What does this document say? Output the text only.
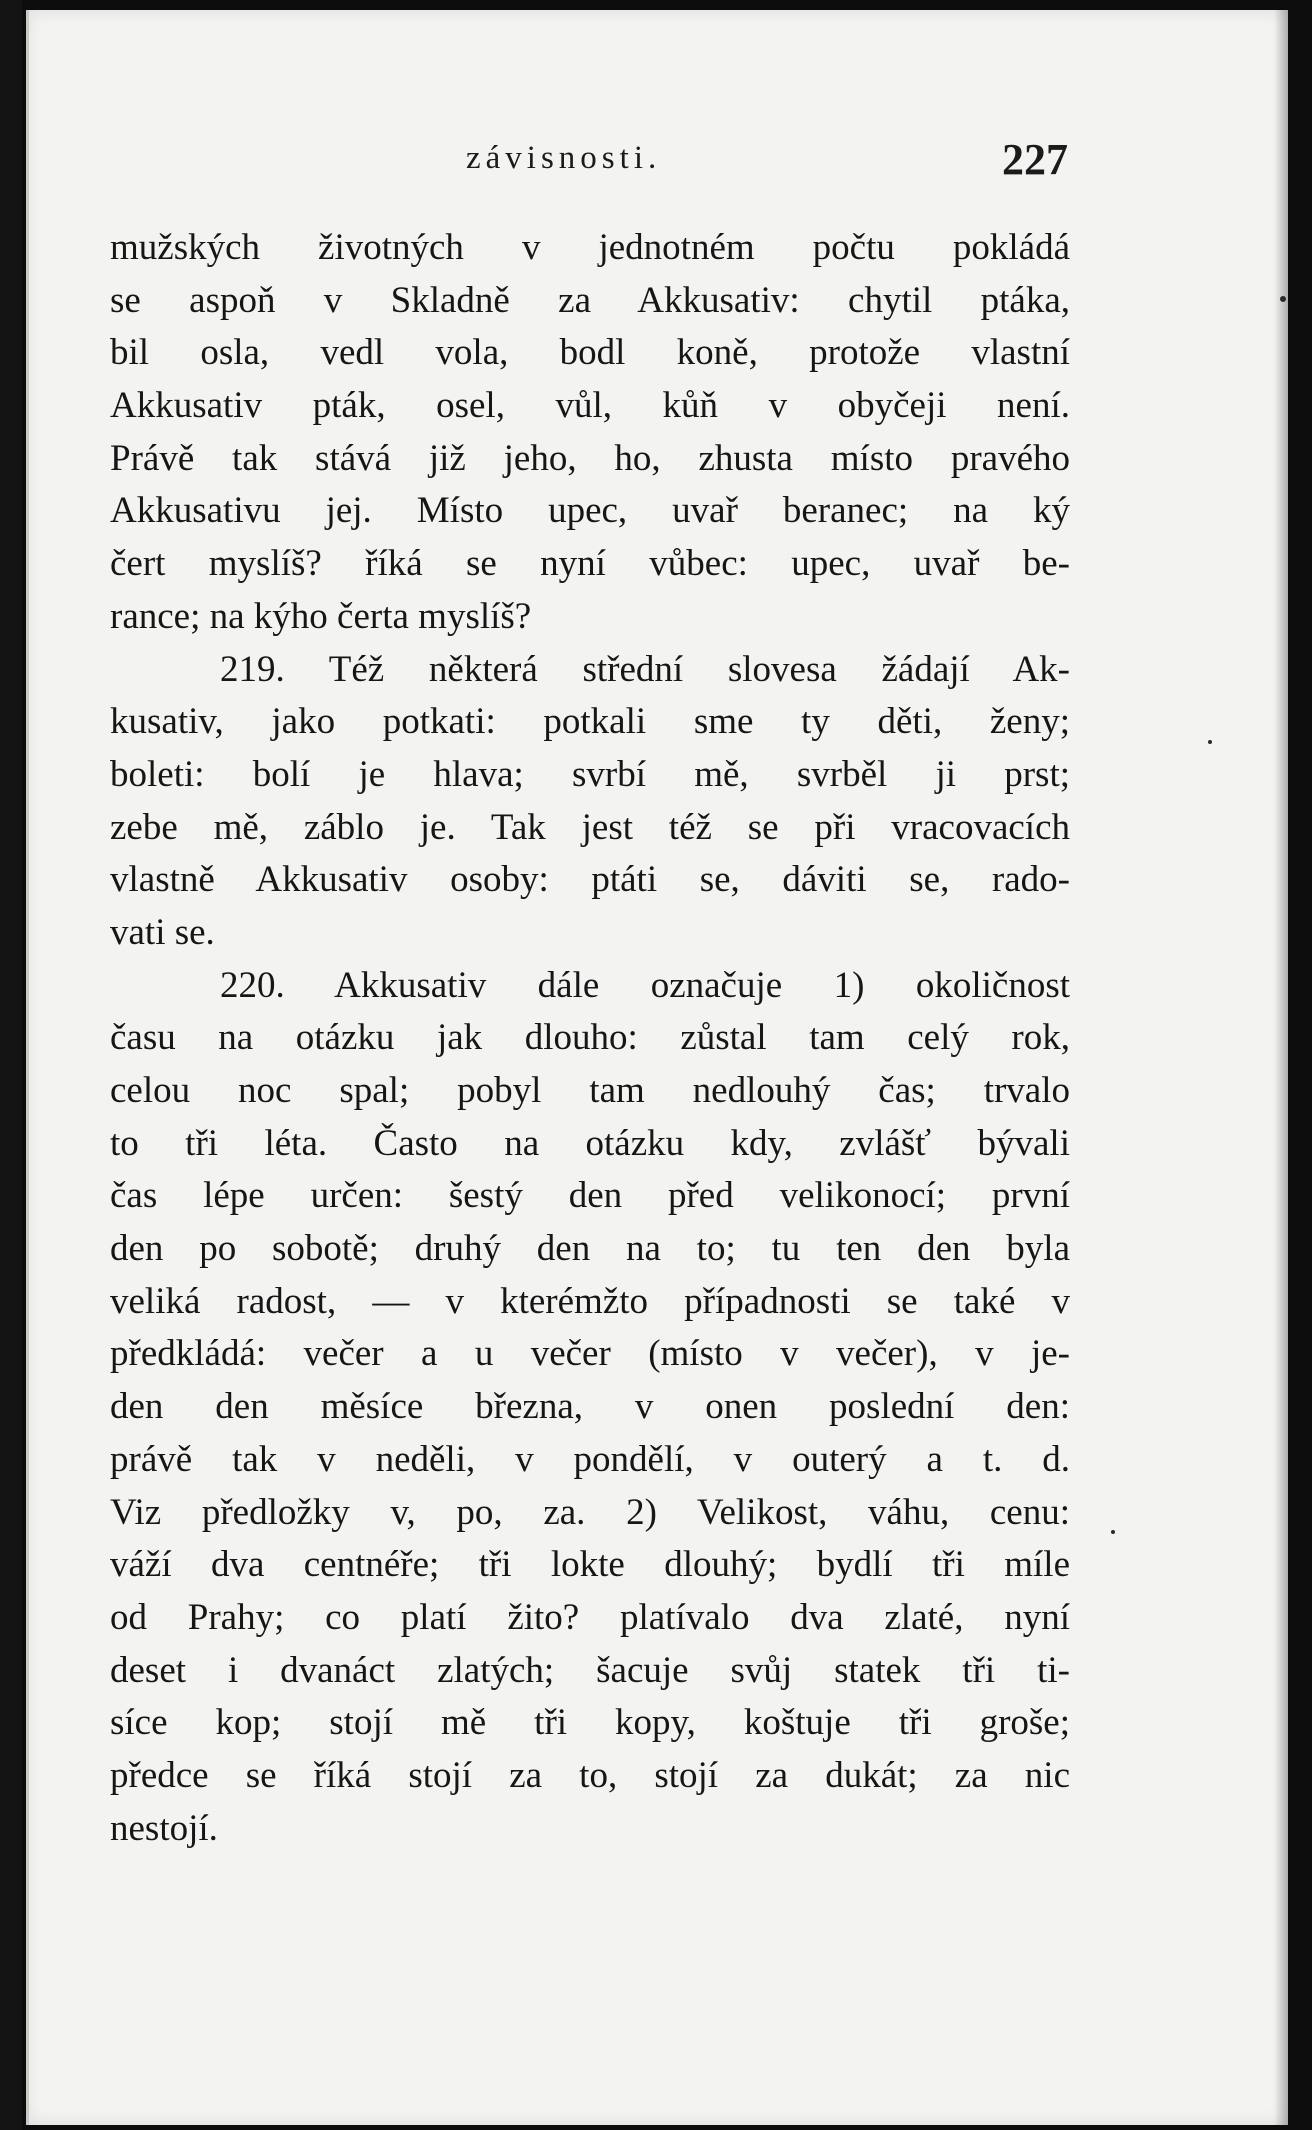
závisnosti.	227
mužských životných v jednotném počtu pokládá
se aspoň v Skladně za Akkusativ: chytil ptáka,
bil osla, vedl vola, bodl koně, protože vlastní
Akkusativ pták, osel, vůl, kůň v obyčeji není.
Právě tak stává již jeho, ho, zhusta místo pravého
Akkusativu jej. Místo upec, uvař beranec; na ký
čert myslíš? říká se nyní vůbec: upec, uvař be-
rance; na kýho čerta myslíš?
219. Též některá střední slovesa žádají Ak-
kusativ, jako potkati: potkali sme ty děti, ženy;
boleti: bolí je hlava; svrbí mě, svrběl ji prst;
zebe mě, záblo je. Tak jest též se při vracovacích
vlastně Akkusativ osoby: ptáti se, dáviti se, rado-
vati se.
220. Akkusativ dále označuje 1) okoličnost
času na otázku jak dlouho: zůstal tam celý rok,
celou noc spal; pobyl tam nedlouhý čas; trvalo
to tři léta. Často na otázku kdy, zvlášť bývali
čas lépe určen: šestý den před velikonocí; první
den po sobotě; druhý den na to; tu ten den byla
veliká radost, — v kterémžto případnosti se také v
předkládá: večer a u večer (místo v večer), v je-
den den měsíce března, v onen poslední den:
právě tak v neděli, v pondělí, v outerý a t. d.
Viz předložky v, po, za. 2) Velikost, váhu, cenu:
váží dva centnéře; tři lokte dlouhý; bydlí tři míle
od Prahy; co platí žito? platívalo dva zlaté, nyní
deset i dvanáct zlatých; šacuje svůj statek tři ti-
síce kop; stojí mě tři kopy, koštuje tři groše;
předce se říká stojí za to, stojí za dukát; za nic
nestojí.
